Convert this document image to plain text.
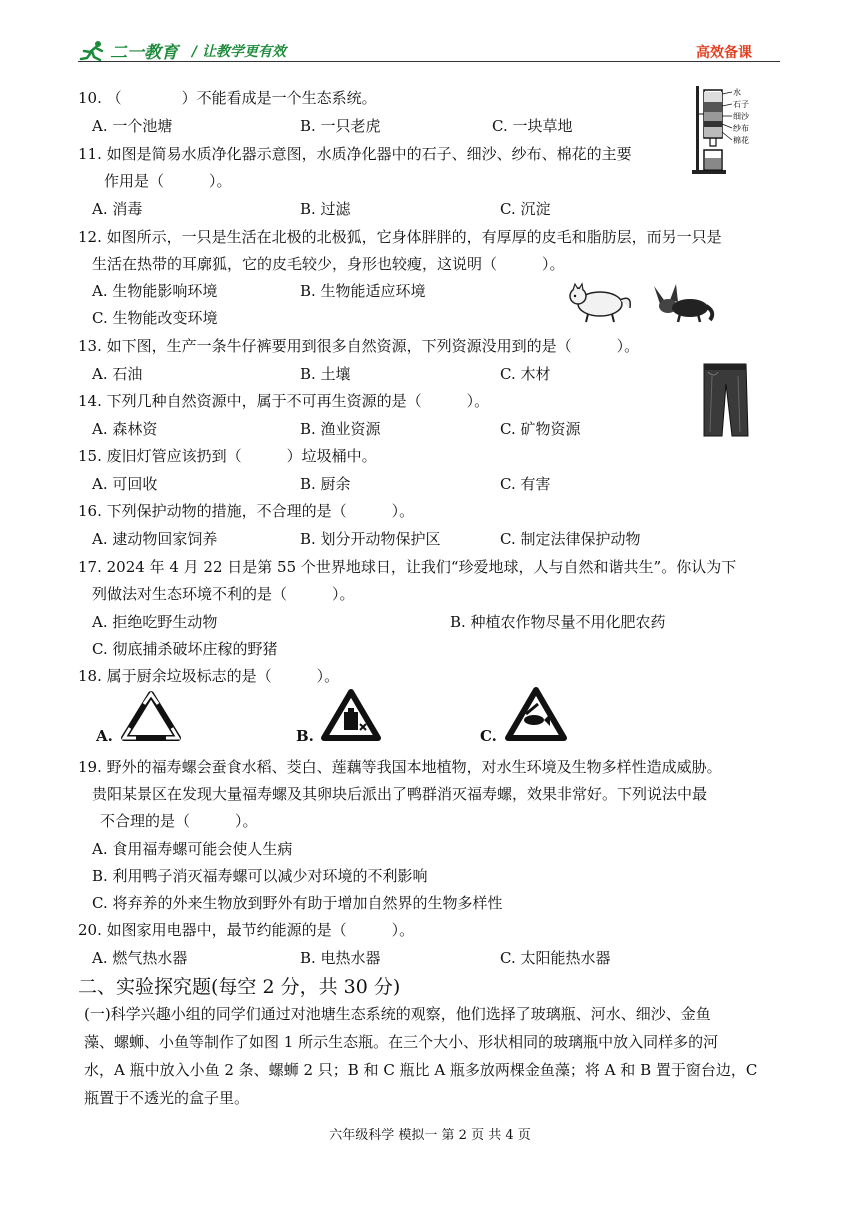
二一教育 / 让教学更有效	高效备课
10. （　　　　）不能看成是一个生态系统。
A. 一个池塘	B. 一只老虎	C. 一块草地
水
石子
细沙
纱布
棉花
11. 如图是简易水质净化器示意图，水质净化器中的石子、细沙、纱布、棉花的主要
作用是（　　　）。
A. 消毒	B. 过滤	C. 沉淀
12. 如图所示，一只是生活在北极的北极狐，它身体胖胖的，有厚厚的皮毛和脂肪层，而另一只是
生活在热带的耳廓狐，它的皮毛较少，身形也较瘦，这说明（　　　）。
A. 生物能影响环境	B. 生物能适应环境
C. 生物能改变环境
13. 如下图，生产一条牛仔裤要用到很多自然资源，下列资源没用到的是（　　　）。
A. 石油	B. 土壤	C. 木材
14. 下列几种自然资源中，属于不可再生资源的是（　　　）。
A. 森林资	B. 渔业资源	C. 矿物资源
15. 废旧灯管应该扔到（　　　）垃圾桶中。
A. 可回收	B. 厨余	C. 有害
16. 下列保护动物的措施，不合理的是（　　　）。
A. 逮动物回家饲养	B. 划分开动物保护区	C. 制定法律保护动物
17. 2024 年 4 月 22 日是第 55 个世界地球日，让我们“珍爱地球，人与自然和谐共生”。你认为下
列做法对生态环境不利的是（　　　）。
A. 拒绝吃野生动物	B. 种植农作物尽量不用化肥农药
C. 彻底捕杀破坏庄稼的野猪
18. 属于厨余垃圾标志的是（　　　）。
A.	B.	C.
19. 野外的福寿螺会蚕食水稻、茭白、莲藕等我国本地植物，对水生环境及生物多样性造成威胁。
贵阳某景区在发现大量福寿螺及其卵块后派出了鸭群消灭福寿螺，效果非常好。下列说法中最
不合理的是（　　　）。
A. 食用福寿螺可能会使人生病
B. 利用鸭子消灭福寿螺可以减少对环境的不利影响
C. 将弃养的外来生物放到野外有助于增加自然界的生物多样性
20. 如图家用电器中，最节约能源的是（　　　）。
A. 燃气热水器	B. 电热水器	C. 太阳能热水器
二、实验探究题(每空 2 分，共 30 分)
(一)科学兴趣小组的同学们通过对池塘生态系统的观察，他们选择了玻璃瓶、河水、细沙、金鱼
藻、螺蛳、小鱼等制作了如图 1 所示生态瓶。在三个大小、形状相同的玻璃瓶中放入同样多的河
水，A 瓶中放入小鱼 2 条、螺蛳 2 只；B 和 C 瓶比 A 瓶多放两棵金鱼藻；将 A 和 B 置于窗台边，C
瓶置于不透光的盒子里。
六年级科学 模拟一 第 2 页 共 4 页
